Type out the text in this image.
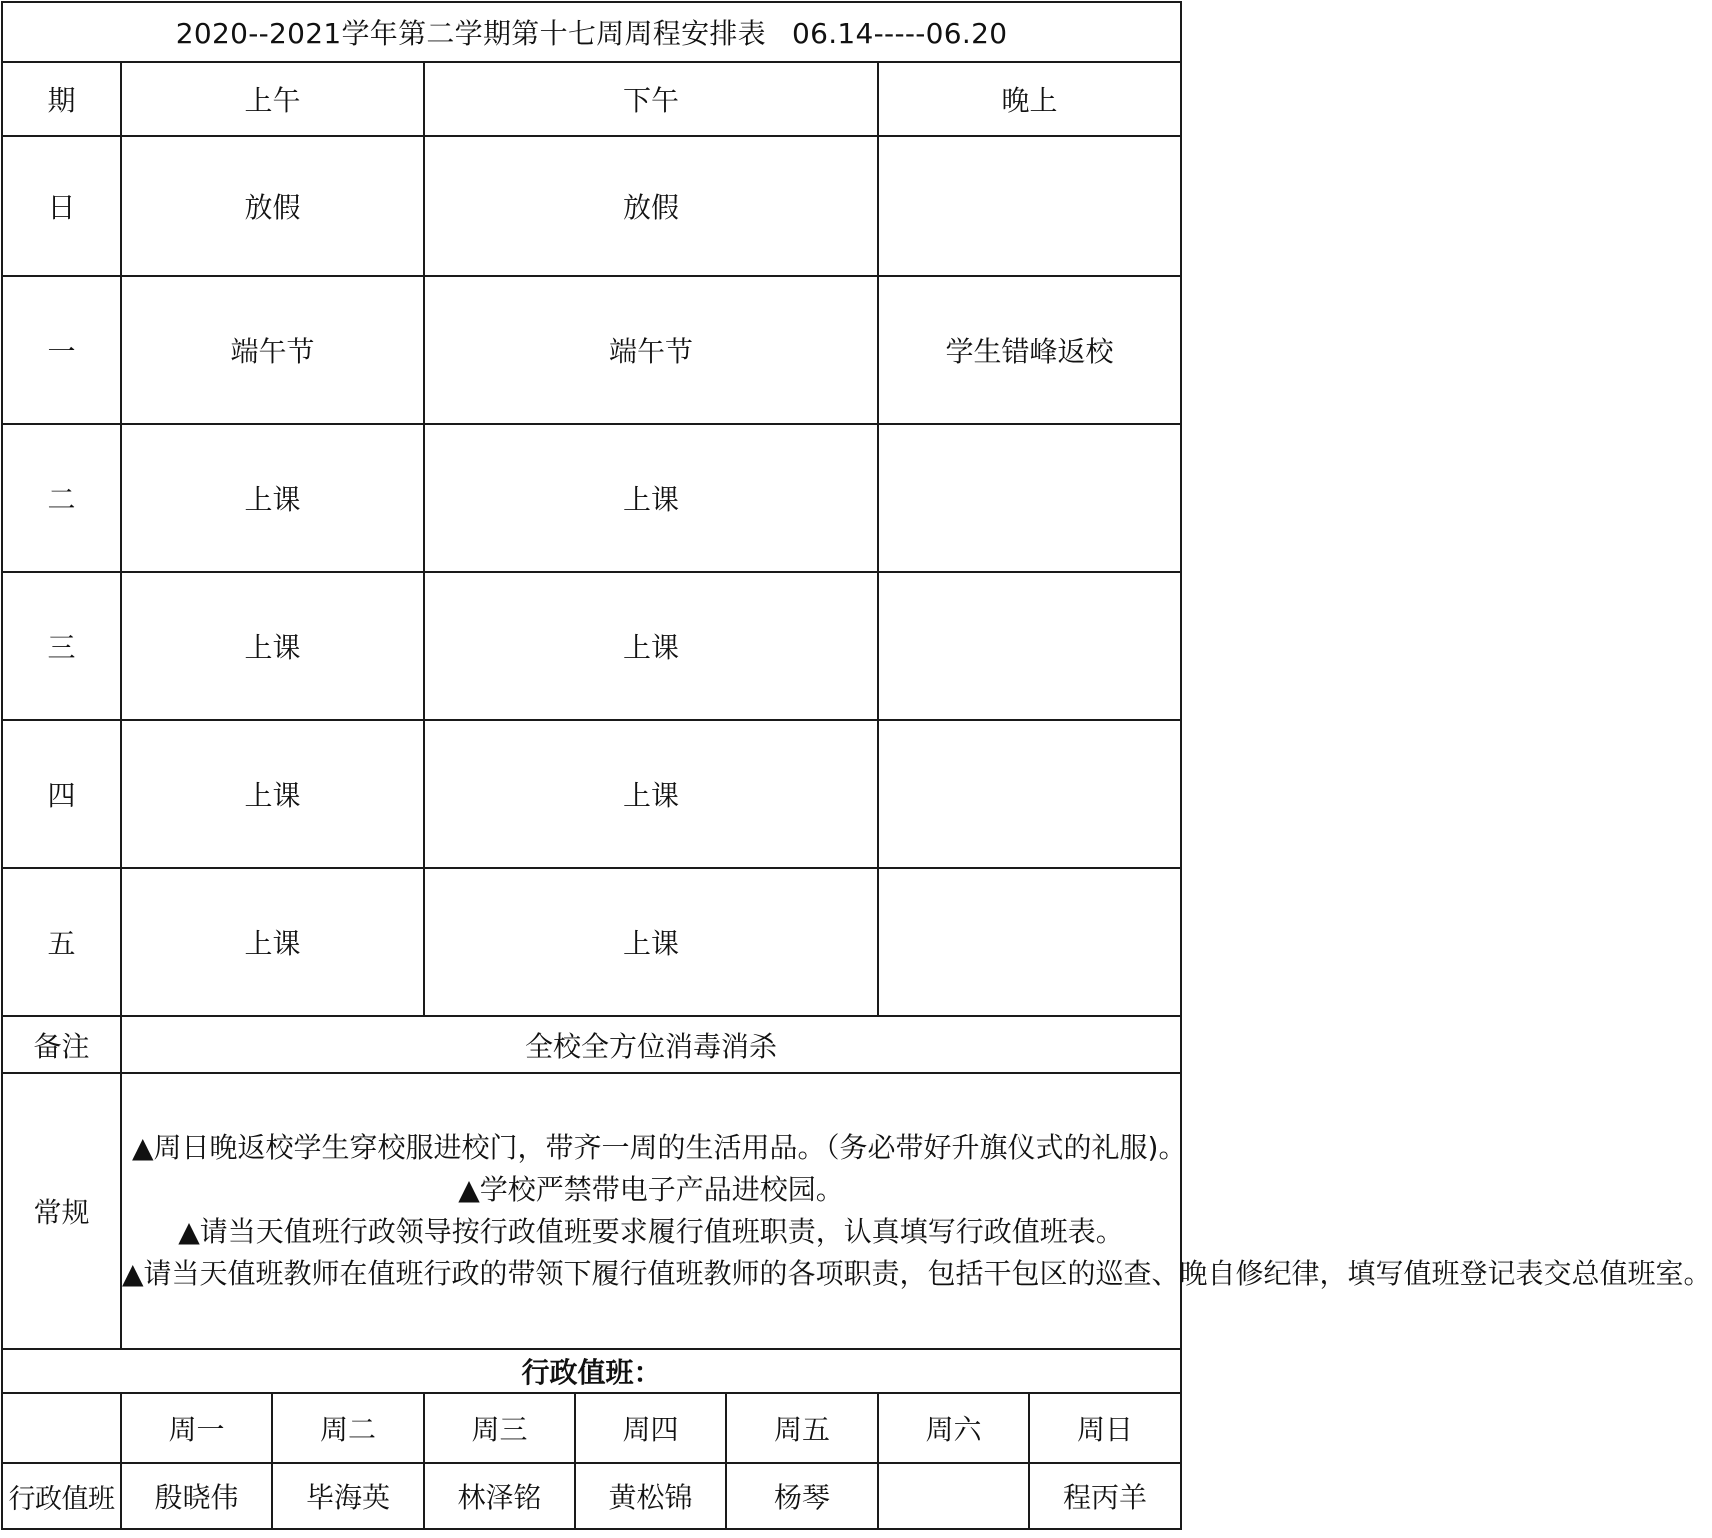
2020--2021学年第二学期第十七周周程安排表 06.14-----06.20							
期	上午		下午			晚上	
日	放假		放假				
一	端午节		端午节			学生错峰返校	
二	上课		上课				
三	上课		上课				
四	上课		上课				
五	上课		上课				
备注	全校全方位消毒消杀						
常规	▲周日晚返校学生穿校服进校门，带齐一周的生活用品。（务必带好升旗仪式的礼服)。
▲学校严禁带电子产品进校园。
▲请当天值班行政领导按行政值班要求履行值班职责，认真填写行政值班表。
▲请当天值班教师在值班行政的带领下履行值班教师的各项职责，包括干包区的巡查、晚自修纪律，填写值班登记表交总值班室。						

行政值班：							
	周一	周二	周三	周四	周五	周六	周日
行政值班	殷晓伟	毕海英	林泽铭	黄松锦	杨琴		程丙羊
